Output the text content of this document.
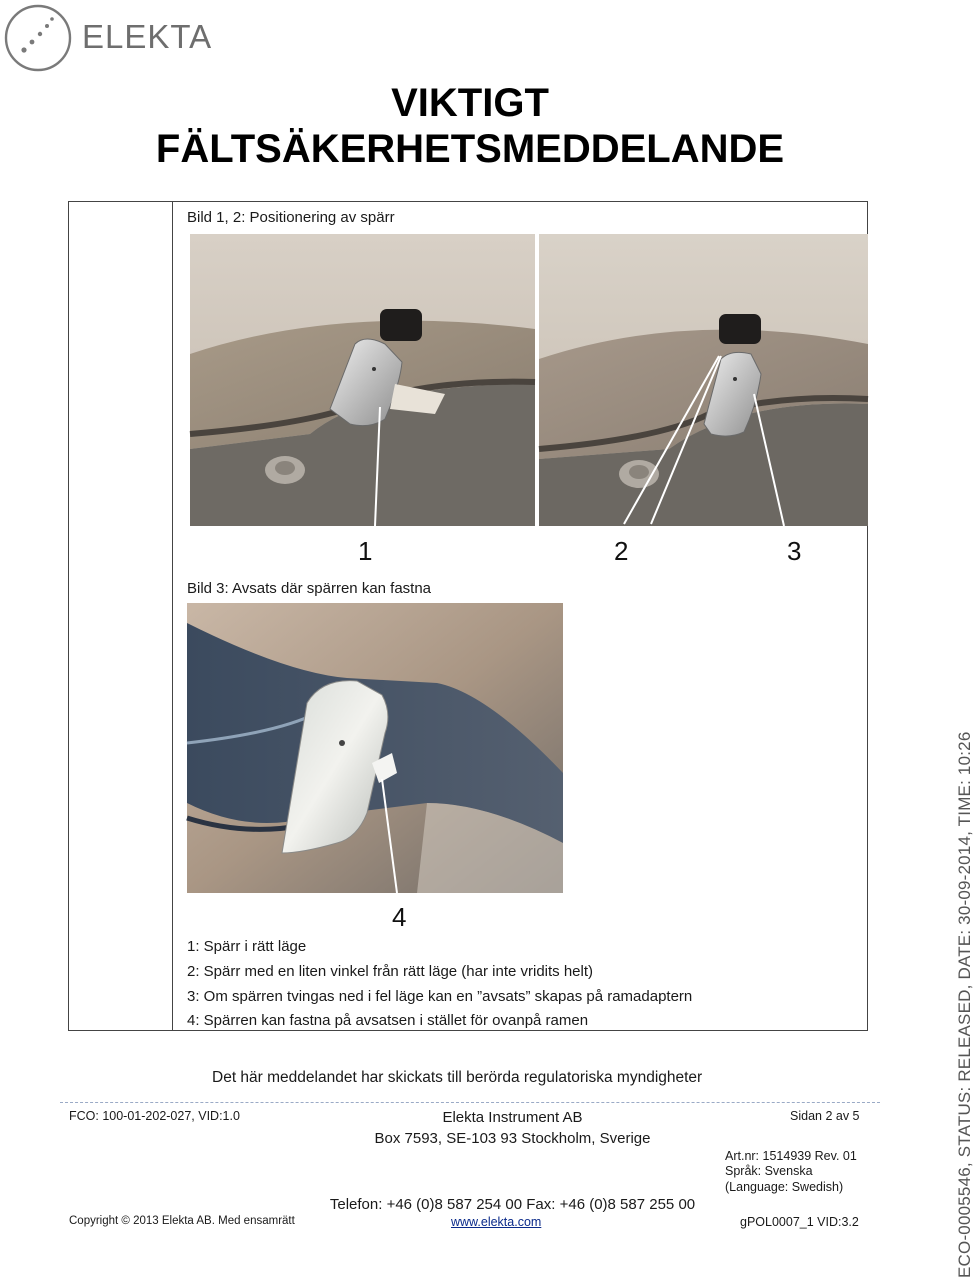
ELEKTA
VIKTIGT
FÄLTSÄKERHETSMEDDELANDE
Bild 1, 2: Positionering av spärr
1	2	3
Bild 3: Avsats där spärren kan fastna
4
1: Spärr i rätt läge
2: Spärr med en liten vinkel från rätt läge (har inte vridits helt)
3: Om spärren tvingas ned i fel läge kan en ”avsats” skapas på ramadaptern
4: Spärren kan fastna på avsatsen i stället för ovanpå ramen
Det här meddelandet har skickats till berörda regulatoriska myndigheter
FCO: 100-01-202-027, VID:1.0	Elekta Instrument AB
Box 7593, SE-103 93 Stockholm, Sverige
Sidan 2 av 5
Art.nr: 1514939 Rev. 01
Språk: Svenska
(Language: Swedish)
Telefon: +46 (0)8 587 254 00 Fax: +46 (0)8 587 255 00
Copyright © 2013 Elekta AB. Med ensamrätt	www.elekta.com	gPOL0007_1 VID:3.2	ECO-0005546, STATUS: RELEASED, DATE: 30-09-2014, TIME: 10:26
